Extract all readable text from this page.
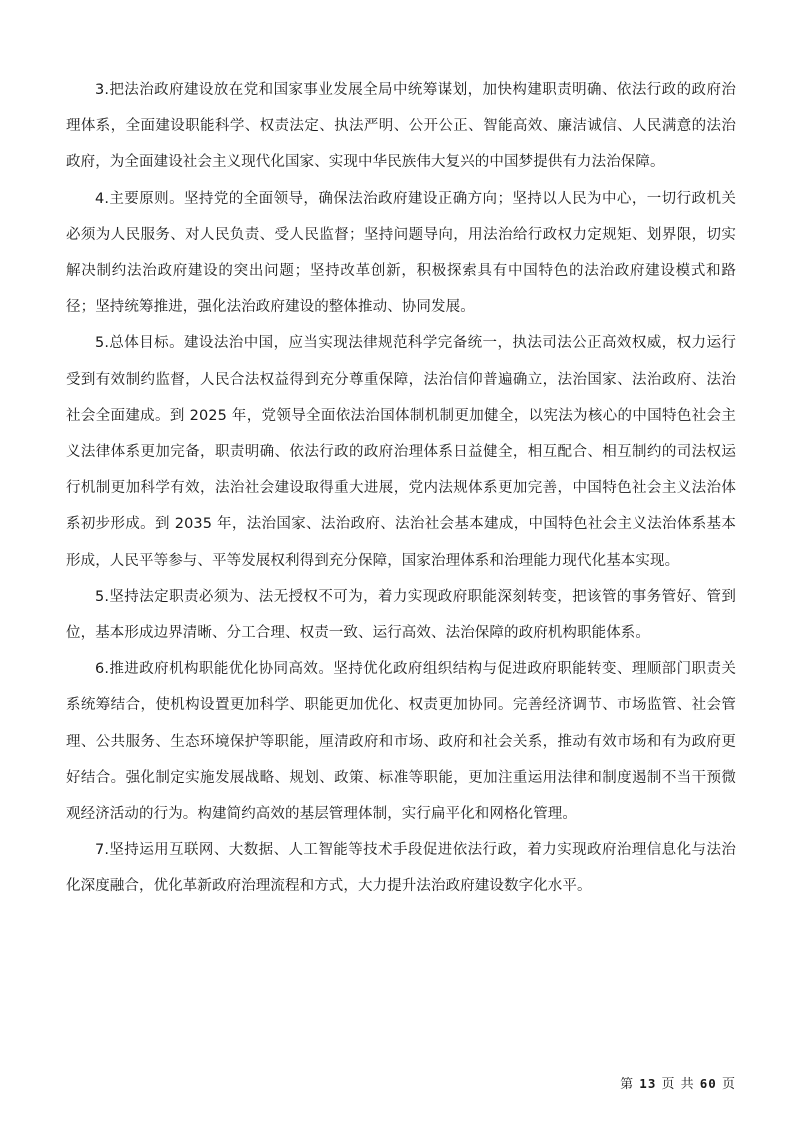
3.把法治政府建设放在党和国家事业发展全局中统筹谋划，加快构建职责明确、依法行政的政府治理体系，全面建设职能科学、权责法定、执法严明、公开公正、智能高效、廉洁诚信、人民满意的法治政府，为全面建设社会主义现代化国家、实现中华民族伟大复兴的中国梦提供有力法治保障。

4.主要原则。坚持党的全面领导，确保法治政府建设正确方向；坚持以人民为中心，一切行政机关必须为人民服务、对人民负责、受人民监督；坚持问题导向，用法治给行政权力定规矩、划界限，切实解决制约法治政府建设的突出问题；坚持改革创新，积极探索具有中国特色的法治政府建设模式和路径；坚持统筹推进，强化法治政府建设的整体推动、协同发展。

5.总体目标。建设法治中国，应当实现法律规范科学完备统一，执法司法公正高效权威，权力运行受到有效制约监督，人民合法权益得到充分尊重保障，法治信仰普遍确立，法治国家、法治政府、法治社会全面建成。到 2025 年，党领导全面依法治国体制机制更加健全，以宪法为核心的中国特色社会主义法律体系更加完备，职责明确、依法行政的政府治理体系日益健全，相互配合、相互制约的司法权运行机制更加科学有效，法治社会建设取得重大进展，党内法规体系更加完善，中国特色社会主义法治体系初步形成。到 2035 年，法治国家、法治政府、法治社会基本建成，中国特色社会主义法治体系基本形成，人民平等参与、平等发展权利得到充分保障，国家治理体系和治理能力现代化基本实现。

5.坚持法定职责必须为、法无授权不可为，着力实现政府职能深刻转变，把该管的事务管好、管到位，基本形成边界清晰、分工合理、权责一致、运行高效、法治保障的政府机构职能体系。

6.推进政府机构职能优化协同高效。坚持优化政府组织结构与促进政府职能转变、理顺部门职责关系统筹结合，使机构设置更加科学、职能更加优化、权责更加协同。完善经济调节、市场监管、社会管理、公共服务、生态环境保护等职能，厘清政府和市场、政府和社会关系，推动有效市场和有为政府更好结合。强化制定实施发展战略、规划、政策、标准等职能，更加注重运用法律和制度遏制不当干预微观经济活动的行为。构建简约高效的基层管理体制，实行扁平化和网格化管理。

7.坚持运用互联网、大数据、人工智能等技术手段促进依法行政，着力实现政府治理信息化与法治化深度融合，优化革新政府治理流程和方式，大力提升法治政府建设数字化水平。

第 13 页 共 60 页
